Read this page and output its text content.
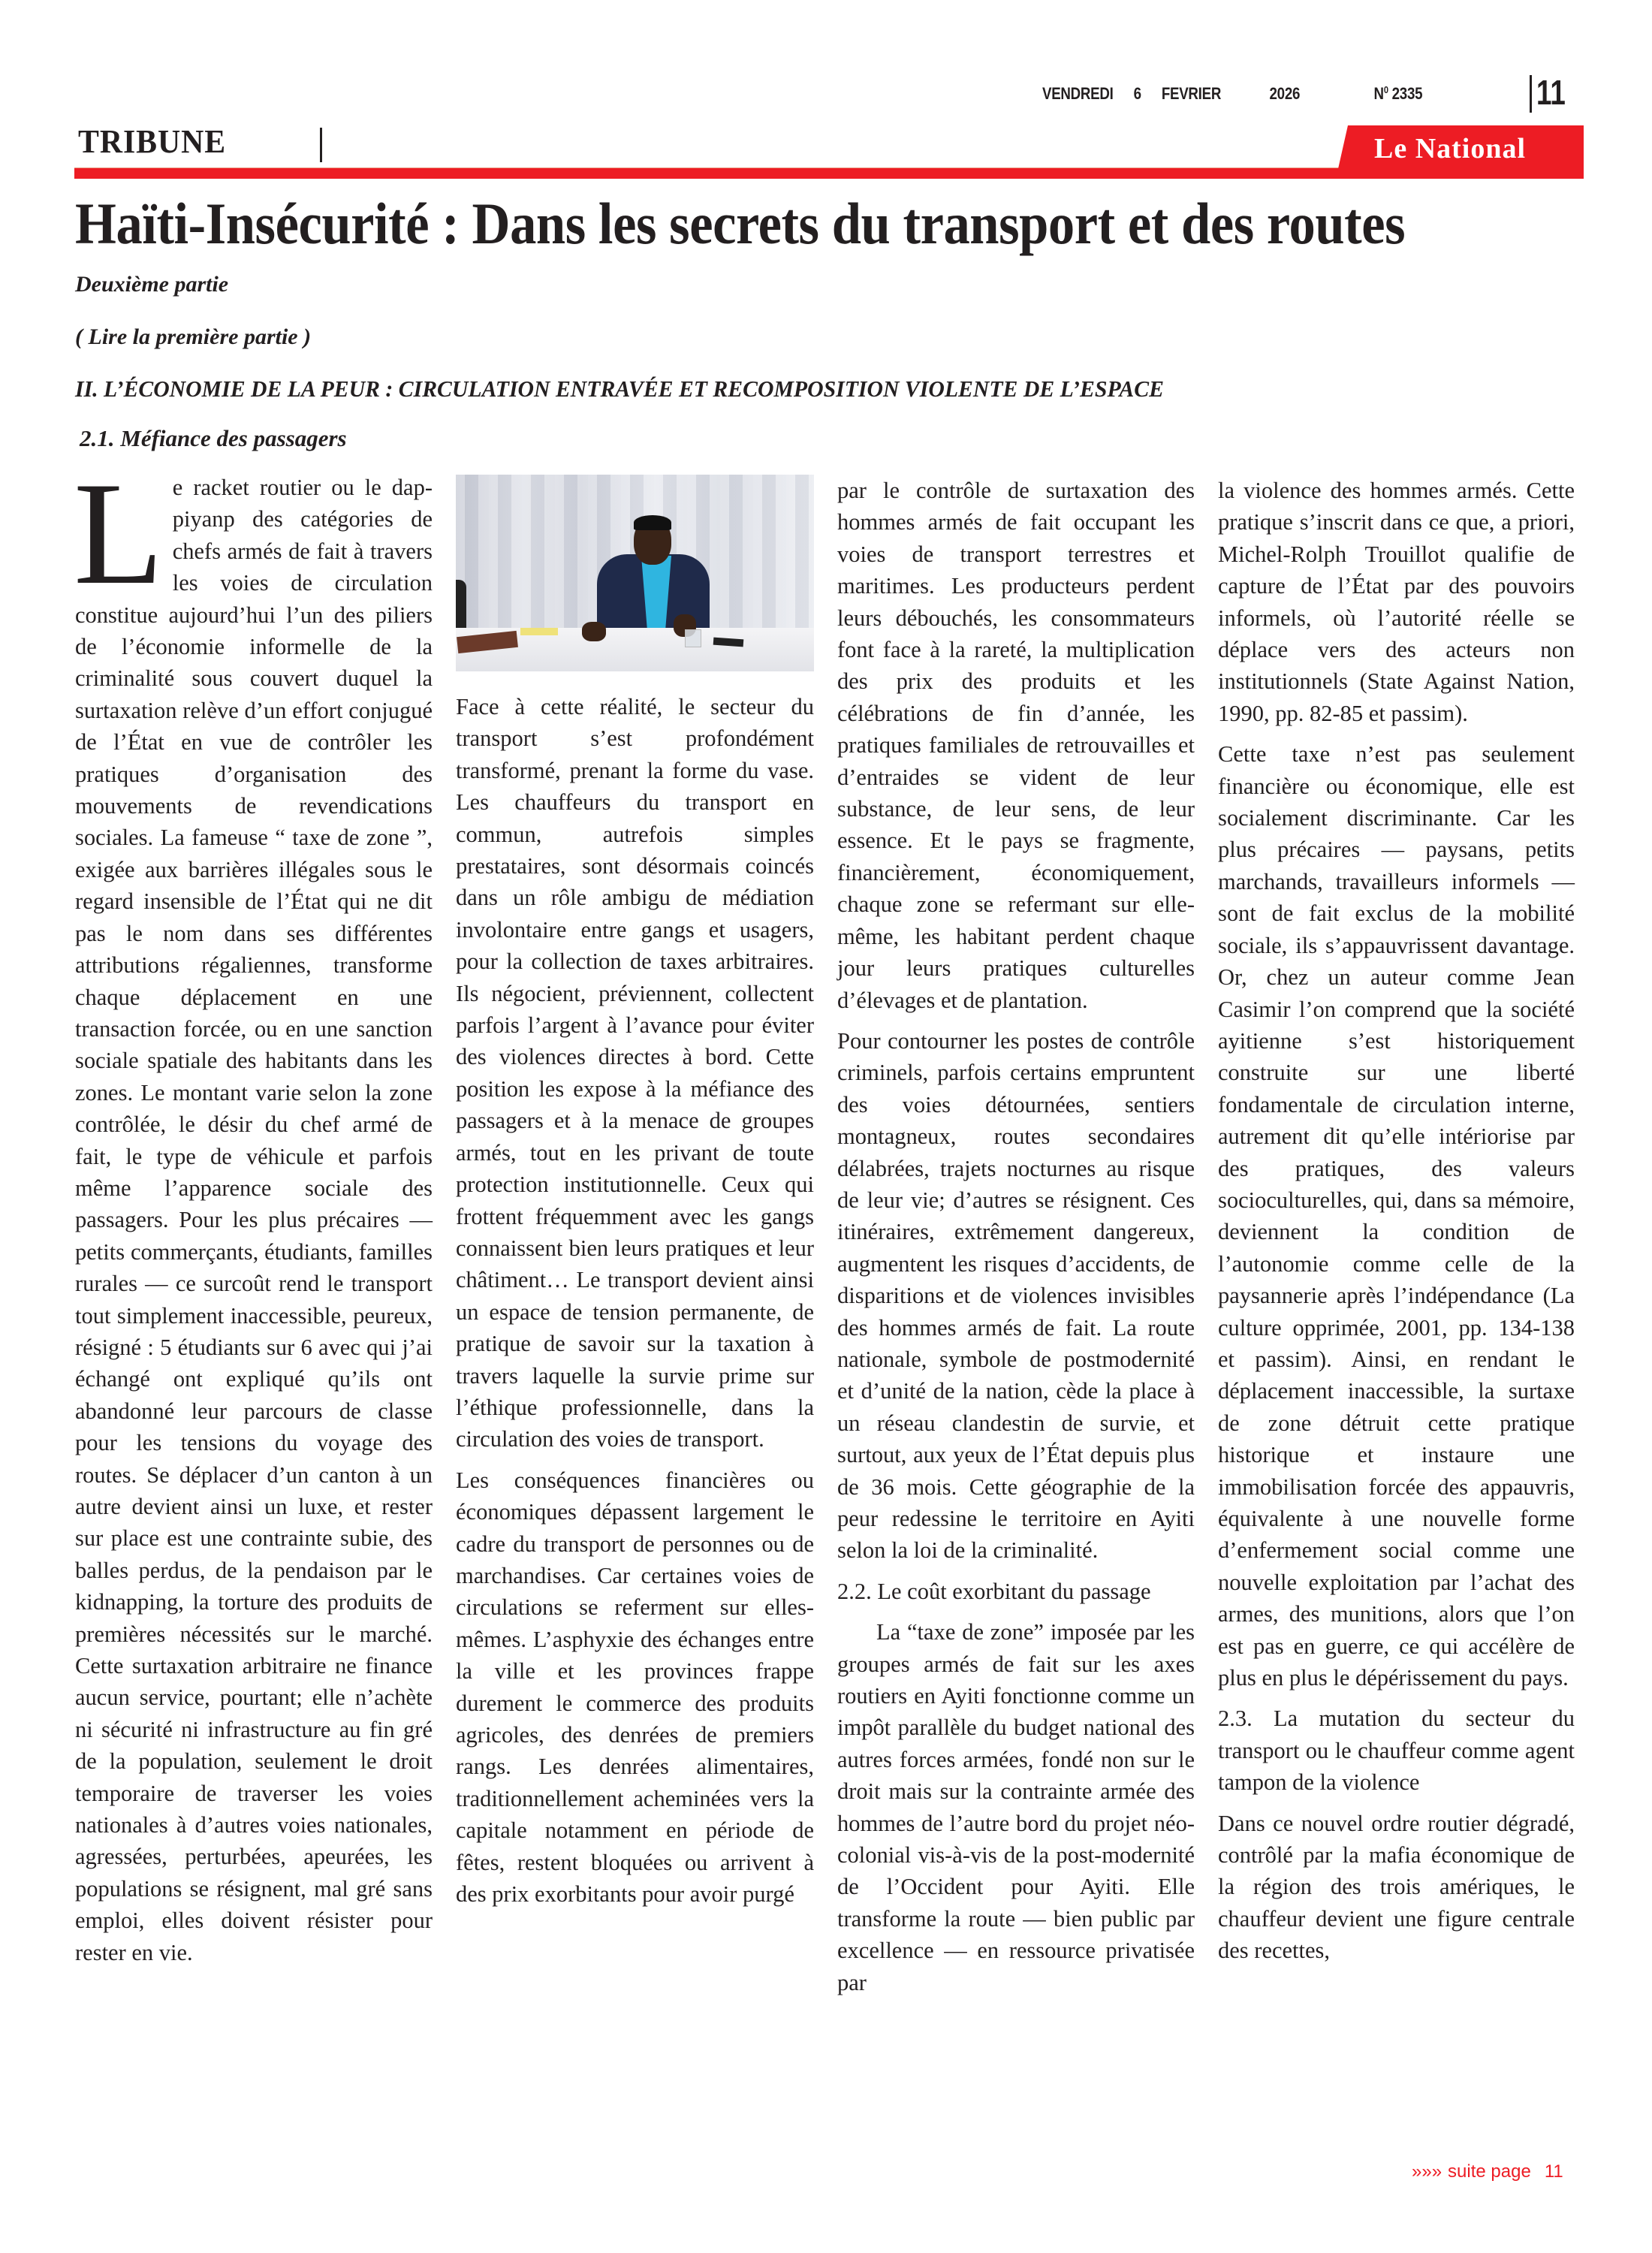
VENDREDI 6 FEVRIER	2026	$N^0$ 2335	11
TRIBUNE	Le National
Haïti-Insécurité : Dans les secrets du transport et des routes
Deuxième partie
( Lire la première partie )
II. L’ÉCONOMIE DE LA PEUR : CIRCULATION ENTRAVÉE ET RECOMPOSITION VIOLENTE DE L’ESPACE
2.1. Méfiance des passagers

Le racket routier ou le dap-piyanp des catégories de chefs armés de fait à travers les voies de circulation constitue aujourd’hui l’un des piliers de l’économie informelle de la criminalité sous couvert duquel la surtaxation relève d’un effort conjugué de l’État en vue de contrôler les pratiques d’organisation des mouvements de revendications sociales. La fameuse “ taxe de zone ”, exigée aux barrières illégales sous le regard insensible de l’État qui ne dit pas le nom dans ses différentes attributions régaliennes, transforme chaque déplacement en une transaction forcée, ou en une sanction sociale spatiale des habitants dans les zones. Le montant varie selon la zone contrôlée, le désir du chef armé de fait, le type de véhicule et parfois même l’apparence sociale des passagers. Pour les plus précaires — petits commerçants, étudiants, familles rurales — ce surcoût rend le transport tout simplement inaccessible, peureux, résigné : 5 étudiants sur 6 avec qui j’ai échangé ont expliqué qu’ils ont abandonné leur parcours de classe pour les tensions du voyage des routes. Se déplacer d’un canton à un autre devient ainsi un luxe, et rester sur place est une contrainte subie, des balles perdus, de la pendaison par le kidnapping, la torture des produits de premières nécessités sur le marché. Cette surtaxation arbitraire ne finance aucun service, pourtant; elle n’achète ni sécurité ni infrastructure au fin gré de la population, seulement le droit temporaire de traverser les voies nationales à d’autres voies nationales, agressées, perturbées, apeurées, les populations se résignent, mal gré sans emploi, elles doivent résister pour rester en vie.

Face à cette réalité, le secteur du transport s’est profondément transformé, prenant la forme du vase. Les chauffeurs du transport en commun, autrefois simples prestataires, sont désormais coincés dans un rôle ambigu de médiation involontaire entre gangs et usagers, pour la collection de taxes arbitraires. Ils négocient, préviennent, collectent parfois l’argent à l’avance pour éviter des violences directes à bord. Cette position les expose à la méfiance des passagers et à la menace de groupes armés, tout en les privant de toute protection institutionnelle. Ceux qui frottent fréquemment avec les gangs connaissent bien leurs pratiques et leur châtiment… Le transport devient ainsi un espace de tension permanente, de pratique de savoir sur la taxation à travers laquelle la survie prime sur l’éthique professionnelle, dans la circulation des voies de transport.

Les conséquences financières ou économiques dépassent largement le cadre du transport de personnes ou de marchandises. Car certaines voies de circulations se referment sur elles-mêmes. L’asphyxie des échanges entre la ville et les provinces frappe durement le commerce des produits agricoles, des denrées de premiers rangs. Les denrées alimentaires, traditionnellement acheminées vers la capitale notamment en période de fêtes, restent bloquées ou arrivent à des prix exorbitants pour avoir purgé

par le contrôle de surtaxation des hommes armés de fait occupant les voies de transport terrestres et maritimes. Les producteurs perdent leurs débouchés, les consommateurs font face à la rareté, la multiplication des prix des produits et les célébrations de fin d’année, les pratiques familiales de retrouvailles et d’entraides se vident de leur substance, de leur sens, de leur essence. Et le pays se fragmente, financièrement, économiquement, chaque zone se refermant sur elle-même, les habitant perdent chaque jour leurs pratiques culturelles d’élevages et de plantation.

Pour contourner les postes de contrôle criminels, parfois certains empruntent des voies détournées, sentiers montagneux, routes secondaires délabrées, trajets nocturnes au risque de leur vie; d’autres se résignent. Ces itinéraires, extrêmement dangereux, augmentent les risques d’accidents, de disparitions et de violences invisibles des hommes armés de fait. La route nationale, symbole de postmodernité et d’unité de la nation, cède la place à un réseau clandestin de survie, et surtout, aux yeux de l’État depuis plus de 36 mois. Cette géographie de la peur redessine le territoire en Ayiti selon la loi de la criminalité.

2.2. Le coût exorbitant du passage

La “taxe de zone” imposée par les groupes armés de fait sur les axes routiers en Ayiti fonctionne comme un impôt parallèle du budget national des autres forces armées, fondé non sur le droit mais sur la contrainte armée des hommes de l’autre bord du projet néo-colonial vis-à-vis de la post-modernité de l’Occident pour Ayiti. Elle transforme la route — bien public par excellence — en ressource privatisée par

la violence des hommes armés. Cette pratique s’inscrit dans ce que, a priori, Michel-Rolph Trouillot qualifie de capture de l’État par des pouvoirs informels, où l’autorité réelle se déplace vers des acteurs non institutionnels (State Against Nation, 1990, pp. 82-85 et passim).

Cette taxe n’est pas seulement financière ou économique, elle est socialement discriminante. Car les plus précaires — paysans, petits marchands, travailleurs informels — sont de fait exclus de la mobilité sociale, ils s’appauvrissent davantage. Or, chez un auteur comme Jean Casimir l’on comprend que la société ayitienne s’est historiquement construite sur une liberté fondamentale de circulation interne, autrement dit qu’elle intériorise par des pratiques, des valeurs socioculturelles, qui, dans sa mémoire, deviennent la condition de l’autonomie comme celle de la paysannerie après l’indépendance (La culture opprimée, 2001, pp. 134-138 et passim). Ainsi, en rendant le déplacement inaccessible, la surtaxe de zone détruit cette pratique historique et instaure une immobilisation forcée des appauvris, équivalente à une nouvelle forme d’enfermement social comme une nouvelle exploitation par l’achat des armes, des munitions, alors que l’on est pas en guerre, ce qui accélère de plus en plus le dépérissement du pays.

2.3. La mutation du secteur du transport ou le chauffeur comme agent tampon de la violence

Dans ce nouvel ordre routier dégradé, contrôlé par la mafia économique de la région des trois amériques, le chauffeur devient une figure centrale des recettes,

»»» suite page 11
